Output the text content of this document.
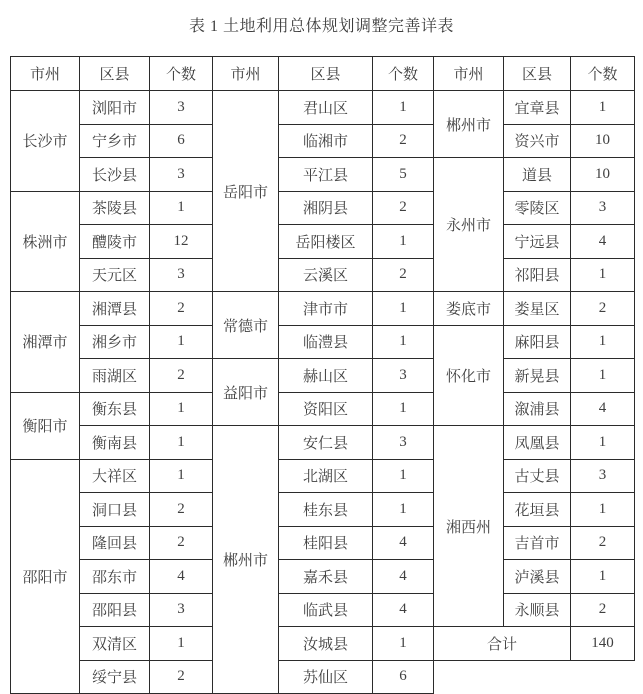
表 1 土地利用总体规划调整完善详表
市州	区县	个数	市州	区县	个数	市州	区县	个数
长沙市	浏阳市	3	岳阳市	君山区	1	郴州市	宜章县	1
	宁乡市	6		临湘市	2		资兴市	10
	长沙县	3		平江县	5	永州市	道县	10
株洲市	茶陵县	1		湘阴县	2		零陵区	3
	醴陵市	12		岳阳楼区	1		宁远县	4
	天元区	3		云溪区	2		祁阳县	1
湘潭市	湘潭县	2	常德市	津市市	1	娄底市	娄星区	2
	湘乡市	1		临澧县	1	怀化市	麻阳县	1
	雨湖区	2	益阳市	赫山区	3		新晃县	1
衡阳市	衡东县	1		资阳区	1		溆浦县	4
	衡南县	1	郴州市	安仁县	3	湘西州	凤凰县	1
邵阳市	大祥区	1		北湖区	1		古丈县	3
	洞口县	2		桂东县	1		花垣县	1
	隆回县	2		桂阳县	4		吉首市	2
	邵东市	4		嘉禾县	4		泸溪县	1
	邵阳县	3		临武县	4		永顺县	2
	双清区	1		汝城县	1	合计		140
	绥宁县	2		苏仙区	6			
